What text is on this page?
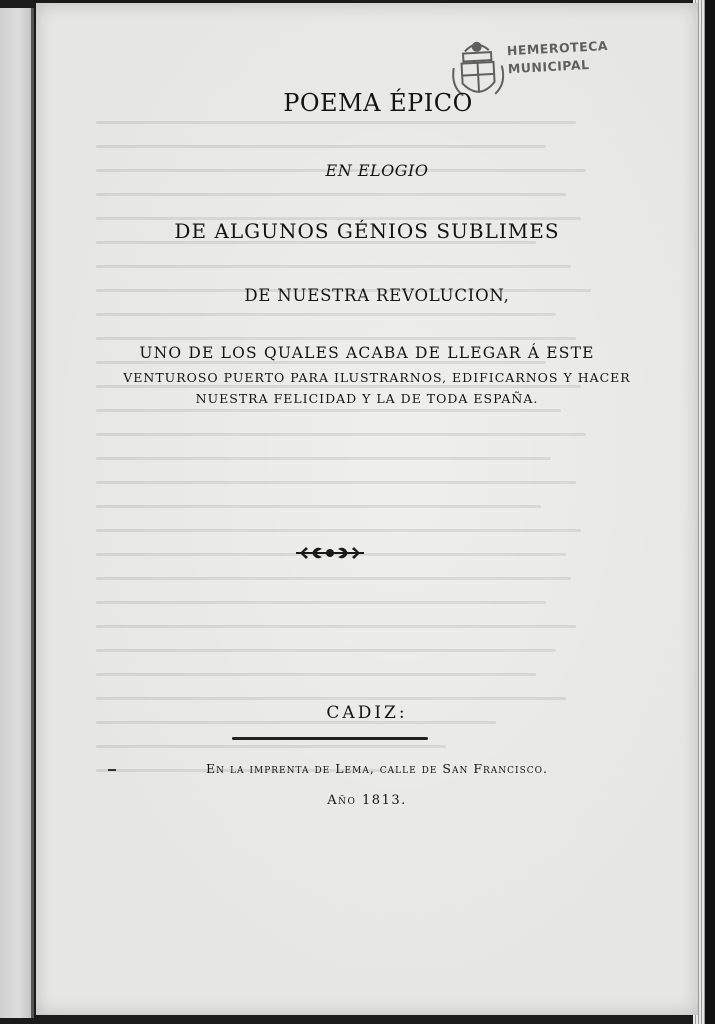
HEMEROTECA
MUNICIPAL

POEMA ÉPICO

EN ELOGIO

DE ALGUNOS GÉNIOS SUBLIMES

DE NUESTRA REVOLUCION,

UNO DE LOS QUALES ACABA DE LLEGAR Á ESTE

VENTUROSO PUERTO PARA ILUSTRARNOS, EDIFICARNOS Y HACER

NUESTRA FELICIDAD Y LA DE TODA ESPAÑA.

CADIZ:

En la imprenta de Lema, calle de San Francisco.

Año 1813.
